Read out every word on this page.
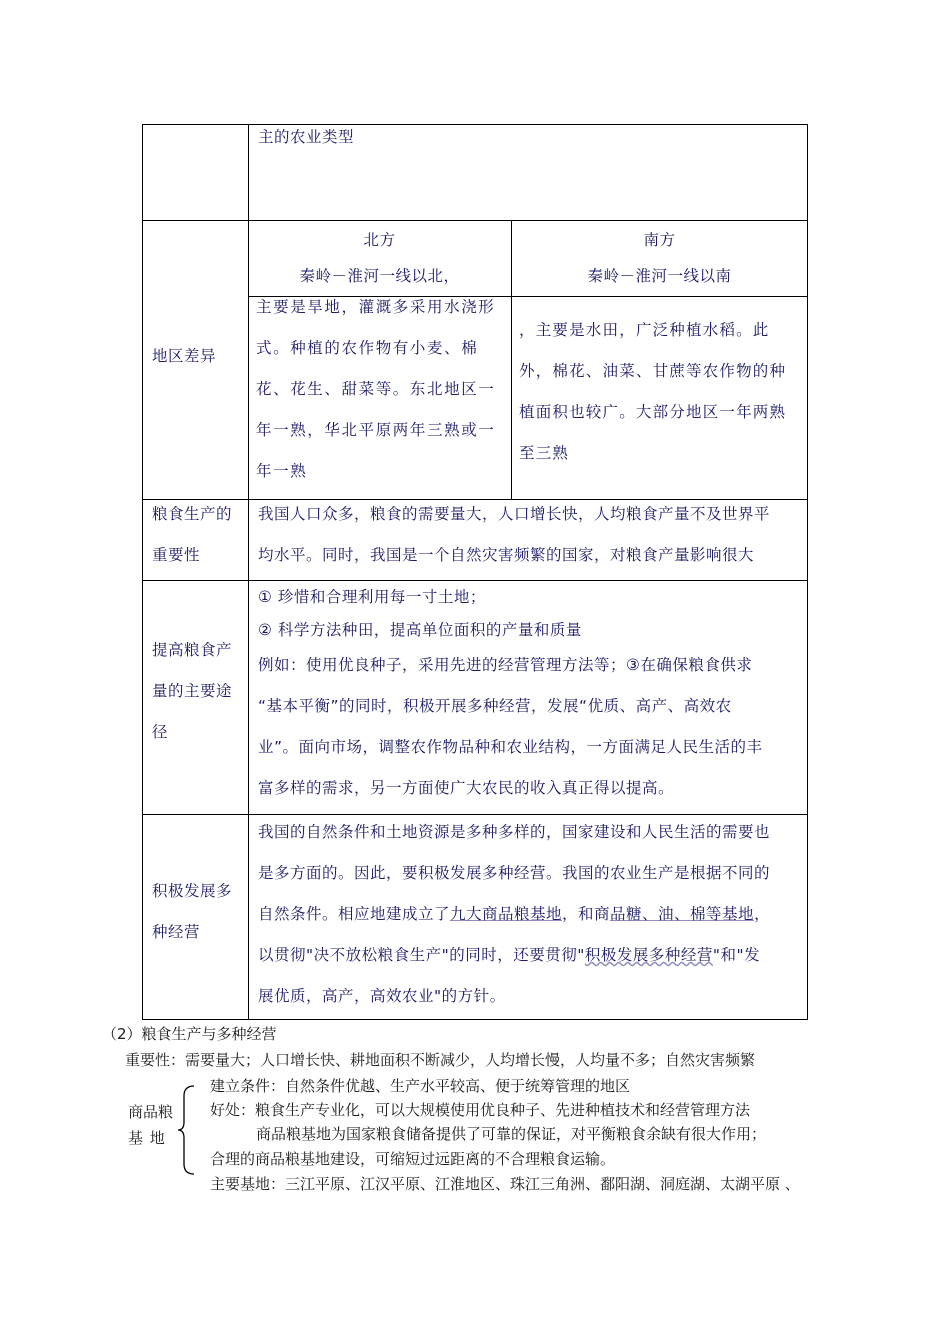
主的农业类型
地区差异
北方
秦岭－淮河一线以北，
南方
秦岭－淮河一线以南
主要是旱地，灌溉多采用水浇形
式。种植的农作物有小麦、棉
花、花生、甜菜等。东北地区一
年一熟，华北平原两年三熟或一
年一熟
，主要是水田，广泛种植水稻。此
外，棉花、油菜、甘蔗等农作物的种
植面积也较广。大部分地区一年两熟
至三熟
粮食生产的
重要性
我国人口众多，粮食的需要量大，人口增长快，人均粮食产量不及世界平
均水平。同时，我国是一个自然灾害频繁的国家，对粮食产量影响很大
提高粮食产
量的主要途
径
① 珍惜和合理利用每一寸土地；
② 科学方法种田，提高单位面积的产量和质量
例如：使用优良种子，采用先进的经营管理方法等；③在确保粮食供求
“基本平衡”的同时，积极开展多种经营，发展“优质、高产、高效农
业”。面向市场，调整农作物品种和农业结构，一方面满足人民生活的丰
富多样的需求，另一方面使广大农民的收入真正得以提高。
积极发展多
种经营
我国的自然条件和土地资源是多种多样的，国家建设和人民生活的需要也
是多方面的。因此，要积极发展多种经营。我国的农业生产是根据不同的
自然条件。相应地建成立了九大商品粮基地，和商品糖、油、棉等基地，
以贯彻"决不放松粮食生产"的同时，还要贯彻"积极发展多种经营"和"发
展优质，高产，高效农业"的方针。
（2）粮食生产与多种经营
重要性：需要量大；人口增长快、耕地面积不断减少，人均增长慢，人均量不多；自然灾害频繁
商品粮
基 地
建立条件：自然条件优越、生产水平较高、便于统筹管理的地区
好处：粮食生产专业化，可以大规模使用优良种子、先进种植技术和经营管理方法
商品粮基地为国家粮食储备提供了可靠的保证，对平衡粮食余缺有很大作用；
合理的商品粮基地建设，可缩短过远距离的不合理粮食运输。
主要基地：三江平原、江汉平原、江淮地区、珠江三角洲、鄱阳湖、洞庭湖、太湖平原 、
